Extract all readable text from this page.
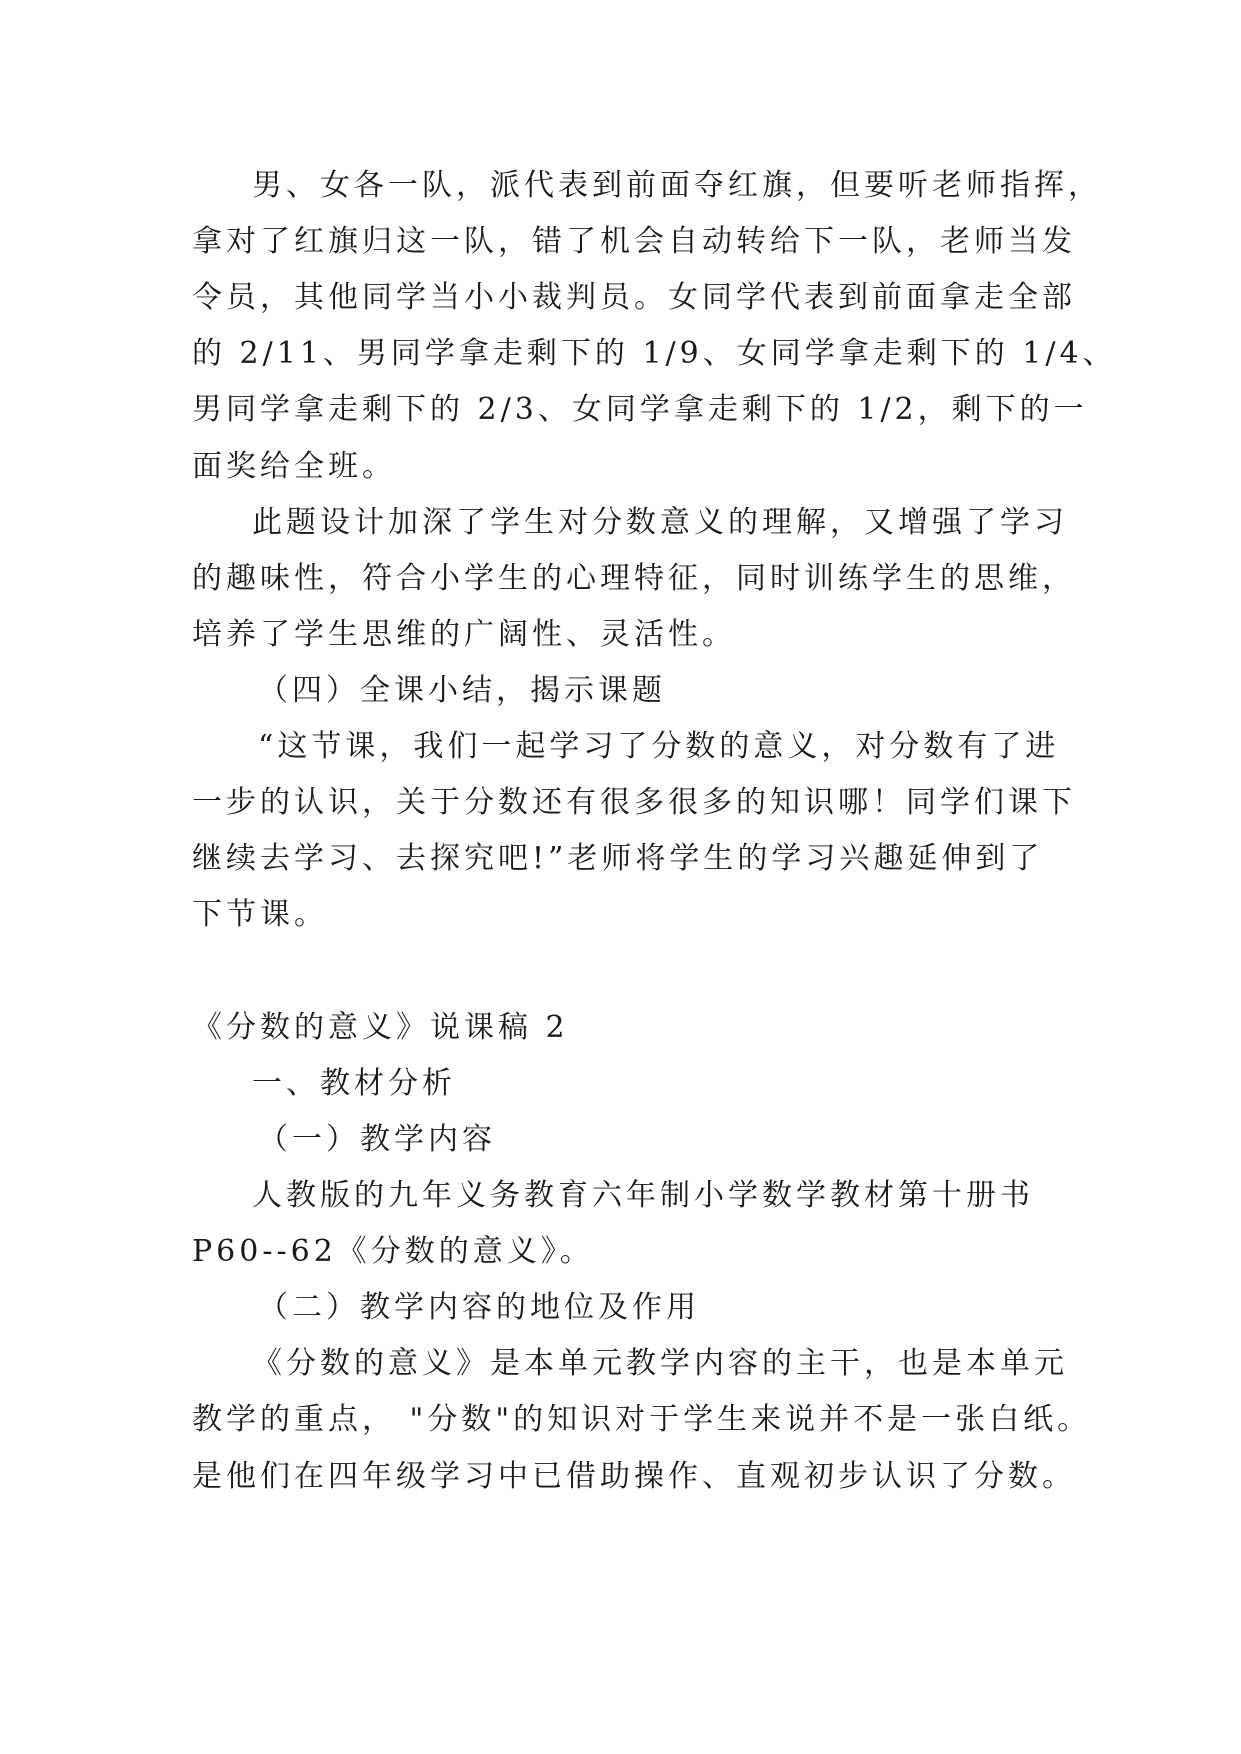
男、女各一队，派代表到前面夺红旗，但要听老师指挥，
拿对了红旗归这一队，错了机会自动转给下一队，老师当发
令员，其他同学当小小裁判员。女同学代表到前面拿走全部
的 2/11、男同学拿走剩下的 1/9、女同学拿走剩下的 1/4、
男同学拿走剩下的 2/3、女同学拿走剩下的 1/2，剩下的一
面奖给全班。
此题设计加深了学生对分数意义的理解，又增强了学习
的趣味性，符合小学生的心理特征，同时训练学生的思维，
培养了学生思维的广阔性、灵活性。
（四）全课小结，揭示课题
“这节课，我们一起学习了分数的意义，对分数有了进
一步的认识，关于分数还有很多很多的知识哪！同学们课下
继续去学习、去探究吧!”老师将学生的学习兴趣延伸到了
下节课。
《分数的意义》说课稿 2
一、教材分析
（一）教学内容
人教版的九年义务教育六年制小学数学教材第十册书
P60--62《分数的意义》。
（二）教学内容的地位及作用
《分数的意义》是本单元教学内容的主干，也是本单元
教学的重点， "分数"的知识对于学生来说并不是一张白纸。
是他们在四年级学习中已借助操作、直观初步认识了分数。
